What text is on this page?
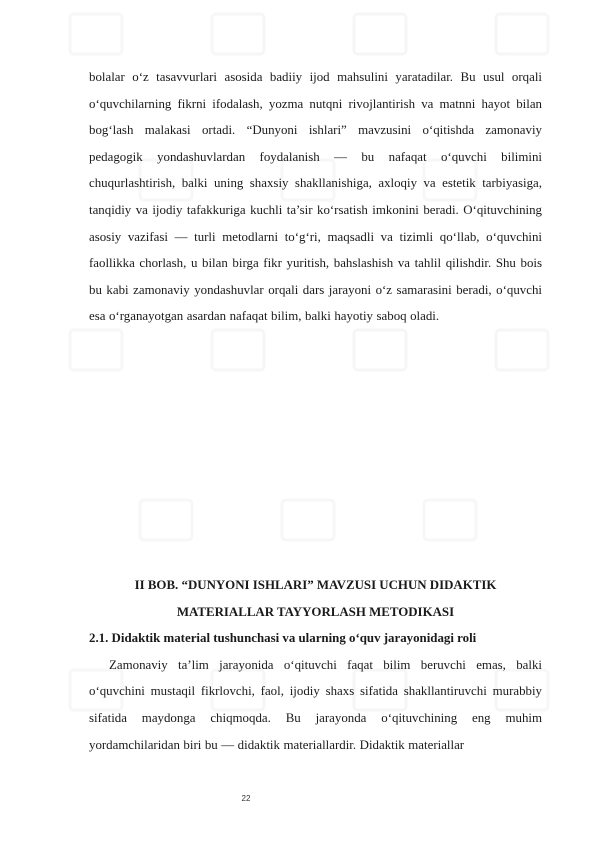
bolalar o‘z tasavvurlari asosida badiiy ijod mahsulini yaratadilar. Bu usul orqali o‘quvchilarning fikrni ifodalash, yozma nutqni rivojlantirish va matnni hayot bilan bog‘lash malakasi ortadi. “Dunyoni ishlari” mavzusini o‘qitishda zamonaviy pedagogik yondashuvlardan foydalanish — bu nafaqat o‘quvchi bilimini chuqurlashtirish, balki uning shaxsiy shakllanishiga, axloqiy va estetik tarbiyasiga, tanqidiy va ijodiy tafakkuriga kuchli ta’sir ko‘rsatish imkonini beradi. O‘qituvchining asosiy vazifasi — turli metodlarni to‘g‘ri, maqsadli va tizimli qo‘llab, o‘quvchini faollikka chorlash, u bilan birga fikr yuritish, bahslashish va tahlil qilishdir. Shu bois bu kabi zamonaviy yondashuvlar orqali dars jarayoni o‘z samarasini beradi, o‘quvchi esa o‘rganayotgan asardan nafaqat bilim, balki hayotiy saboq oladi.

II BOB. “DUNYONI ISHLARI” MAVZUSI UCHUN DIDAKTIK
MATERIALLAR TAYYORLASH METODIKASI

2.1. Didaktik material tushunchasi va ularning o‘quv jarayonidagi roli

Zamonaviy ta’lim jarayonida o‘qituvchi faqat bilim beruvchi emas, balki o‘quvchini mustaqil fikrlovchi, faol, ijodiy shaxs sifatida shakllantiruvchi murabbiy sifatida maydonga chiqmoqda. Bu jarayonda o‘qituvchining eng muhim yordamchilaridan biri bu — didaktik materiallardir. Didaktik materiallar

22
